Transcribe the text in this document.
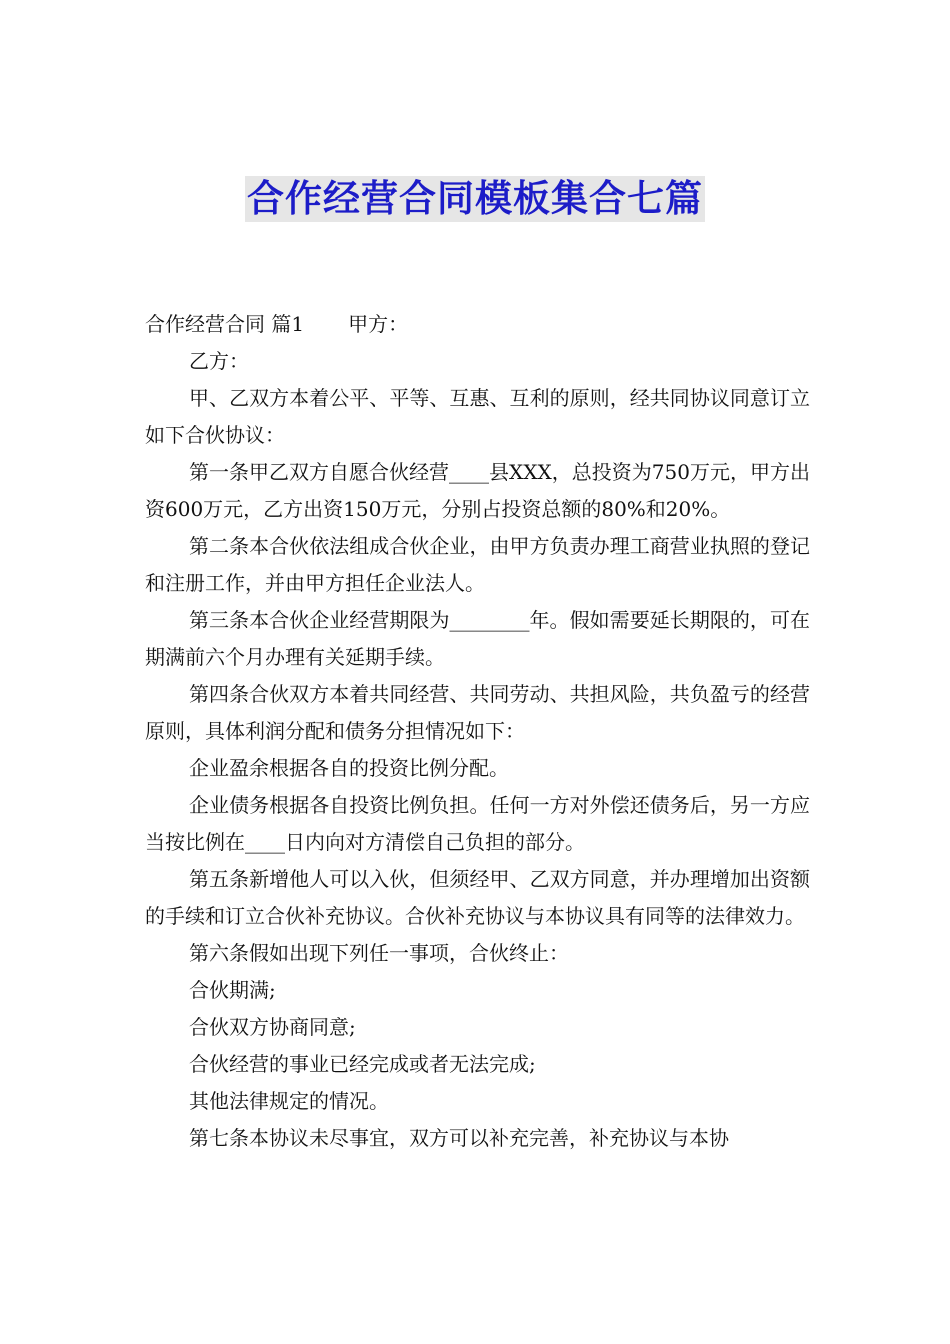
合作经营合同模板集合七篇

合作经营合同 篇1 甲方：

乙方：

甲、乙双方本着公平、平等、互惠、互利的原则，经共同协议同意订立如下合伙协议：

第一条甲乙双方自愿合伙经营____县XXX，总投资为750万元，甲方出资600万元，乙方出资150万元，分别占投资总额的80%和20%。

第二条本合伙依法组成合伙企业，由甲方负责办理工商营业执照的登记和注册工作，并由甲方担任企业法人。

第三条本合伙企业经营期限为________年。假如需要延长期限的，可在期满前六个月办理有关延期手续。

第四条合伙双方本着共同经营、共同劳动、共担风险，共负盈亏的经营原则，具体利润分配和债务分担情况如下：

企业盈余根据各自的投资比例分配。

企业债务根据各自投资比例负担。任何一方对外偿还债务后，另一方应当按比例在____日内向对方清偿自己负担的部分。

第五条新增他人可以入伙，但须经甲、乙双方同意，并办理增加出资额的手续和订立合伙补充协议。合伙补充协议与本协议具有同等的法律效力。

第六条假如出现下列任一事项，合伙终止：

合伙期满;

合伙双方协商同意;

合伙经营的事业已经完成或者无法完成;

其他法律规定的情况。

第七条本协议未尽事宜，双方可以补充完善，补充协议与本协
